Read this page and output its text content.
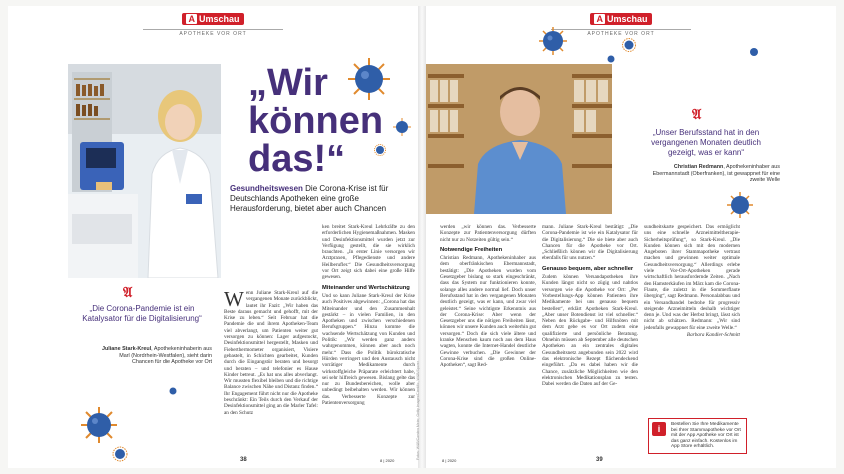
A Umschau
APOTHEKE VOR ORT
„Wir
können
das!“
Gesundheitswesen Die Corona-Krise ist für Deutschlands Apotheken eine große Herausforderung, bietet aber auch Chancen
𝔄
„Die Corona-Pandemie ist ein Katalysator für die Digitalisierung“
Juliane Stark-Kreul, Apothekeninhaberin aus Marl (Nordrhein-Westfalen), sieht darin Chancen für die Apotheke vor Ort
Wenn Juliane Stark-Kreul auf die vergangenen Monate zurückblickt, lautet ihr Fazit: „Wir haben das Beste daraus gemacht und gehofft, mit der Krise zu leben.“ Seit Februar hat die Pandemie die und ihrem Apotheken-Team viel abverlangt, um Patienten weiter gut versorgen zu können: Lager aufgestockt, Desinfektionsmittel hergestellt, Masken und Fieberthermometer organisiert, Visiere gebastelt, in Schichten gearbeitet, Kunden durch die Eingangstür beraten und besorgt und beraten – und telefonier es Hause Kinder betreut. „Es hat uns alles abverlangt. Wir mussten flexibel bleiben und die richtige Balance zwischen Nähe und Distanz finden.“ Ihr Engagement führt nicht nur die Apotheke beschränkt: Ein Teils durch den Verkauf der Desinfektionsmittel ging an die Marler Tafel: an den Schutz
ken breitet Stark-Kreul Lehrkräfte zu den erforderlichen Hygienemaßnahmen. Masken und Desinfektionsmittel wurden jetzt zur Verfügung gestellt, die sie wirklich brauchten. „In erster Linie versorgen wir Arztpraxen, Pflegedienste und andere Heilberufler.“ Die Gesundheitsversorgung vor Ort zeigt sich dabei eine große Hilfe gewesen.
Miteinander und Wertschätzung
Und so kann Juliane Stark-Kreul der Krise auch Positives abgewinnen: „Corona hat das Miteinander und den Zusammenhalt gestärkt – in vielen Familien, in den Apotheken und zwischen verschiedenen Berufsgruppen.“ Hinzu komme die wachsende Wertschätzung von Kunden und Politik: „Wir werden ganz anders wahrgenommen, können aber auch noch mehr.“ Dass die Politik bürokratische Hürden verringert und den Austausch nicht vorrätiger Medikamente durch wirkstoffgleiche Präparate erleichtert habe, sei sehr hilfreich gewesen. Bislang gelte das nur zu Bundesbereichen, wolle aber unbedingt beibehalten werden. Wir können das. Verbesserte Konzepte zur Patientenversorgung
38	8 | 2020
Fotos: W&B/Carsten Meier, Getty Images/Cientific, W&B/Sporer
A Umschau
APOTHEKE VOR ORT
𝔄
„Unser Berufsstand hat in den vergangenen Monaten deutlich gezeigt, was er kann“
Christian Redmann, Apothekeninhaber aus Ebermannstadt (Oberfranken), ist gewappnet für eine zweite Welle
werden „wir können das. Verbesserte Konzepte zur Patientenversorgung dürften nicht nur zu Notzeiten gültig sein.“
Notwendige Freiheiten
Christian Redmann, Apothekeninhaber aus dem oberfränkischen Ebermannstadt, bestätigt: „Die Apotheken wurden vom Gesetzgeber bislang so stark eingeschränkt, dass das System nur funktionieren konnte, solange alles andere normal lief. Doch unser Berufsstand hat in den vergangenen Monaten deutlich gezeigt, was er kann, und zwar viel geleistet.“ Seine wichtigste Erkenntnis aus der Corona-Krise: Aber wenn der Gesetzgeber uns die nötigen Freiheiten lässt, können wir unsere Kunden auch weiterhin gut versorgen.“ Doch die sich viele ältere und kranke Menschen kaum noch aus dem Haus wagten, konnte die Internet-Handel deutliche Gewinne verbuchen. „Die Gewinner der Corona-Krise sind die großen Online-Apotheken“, sagt Red-
mann. Juliane Stark-Kreul bestätigt: „Die Corona-Pandemie ist wie ein Katalysator für die Digitalisierung.“ Die sie biete aber auch Chancen für die Apotheke vor Ort. „Schließlich können wir die Digitalisierung ebenfalls für uns nutzen.“
Genauso bequem, aber schneller
Zudem können Versandapotheken ihre Kunden längst nicht so zügig und nahtlos versorgen wie die Apotheke vor Ort: „Per Vorbestellungs-App können Patienten ihre Medikamente bei uns genauso bequem bestellen“, erklärt Apotheken Stark-Kreul. „Aber unser Botendienst ist viel schneller.“ Neben den Rückgabe- und Hilfsnöten mit dem Arzt gebe es vor Ort zudem eine qualifizierte und persönliche Beratung. Ohnehin müssen ab September alle deutschen Apotheken an ein zentrales digitales Gesundheitsnetz angebunden sein 2022 wird das elektronische Rezept flächendeckend eingeführt. „Da es dabei haben wir die Chance, zusätzliche Möglichkeiten wie den elektronischen Medikationsplan zu testen. Dabei werden die Daten auf der Ge-
sundheitskarte gespeichert. Das ermöglicht uns eine schnelle Arzneimitteltherapie-Sicherheitsprüfung“, so Stark-Kreul. „Die Kunden können sich mit den modernen Angeboten ihrer Stammapotheke vertraut machen und gewinnen weiter optimale Gesundheitsversorgung.“ Allerdings erlebe viele Vor-Ort-Apotheken gerade wirtschaftlich herausfordernde Zeiten. „Nach den Hamsterkäufen im März kam die Corona-Flaute, die zuletzt in die Sommerflaute überging“, sagt Redmann. Personalabbau und ein Versandhandel bedrohe für progressiv steigende Arzneimitteln deshalb wichtiger denn je. Und was der Herbst bringt, lässt sich nicht ab schätzen. Redmann: „Wir sind jedenfalls gewappnet für eine zweite Welle.“
Barbara Kandler-Schmitt
i	Bestellen Sie Ihre Medikamente bei Ihrer Stammapotheke vor Ort mit der App Apotheke vor Ort ist das ganz einfach. Kostenlos im App Store erhältlich.
39
8 | 2020
